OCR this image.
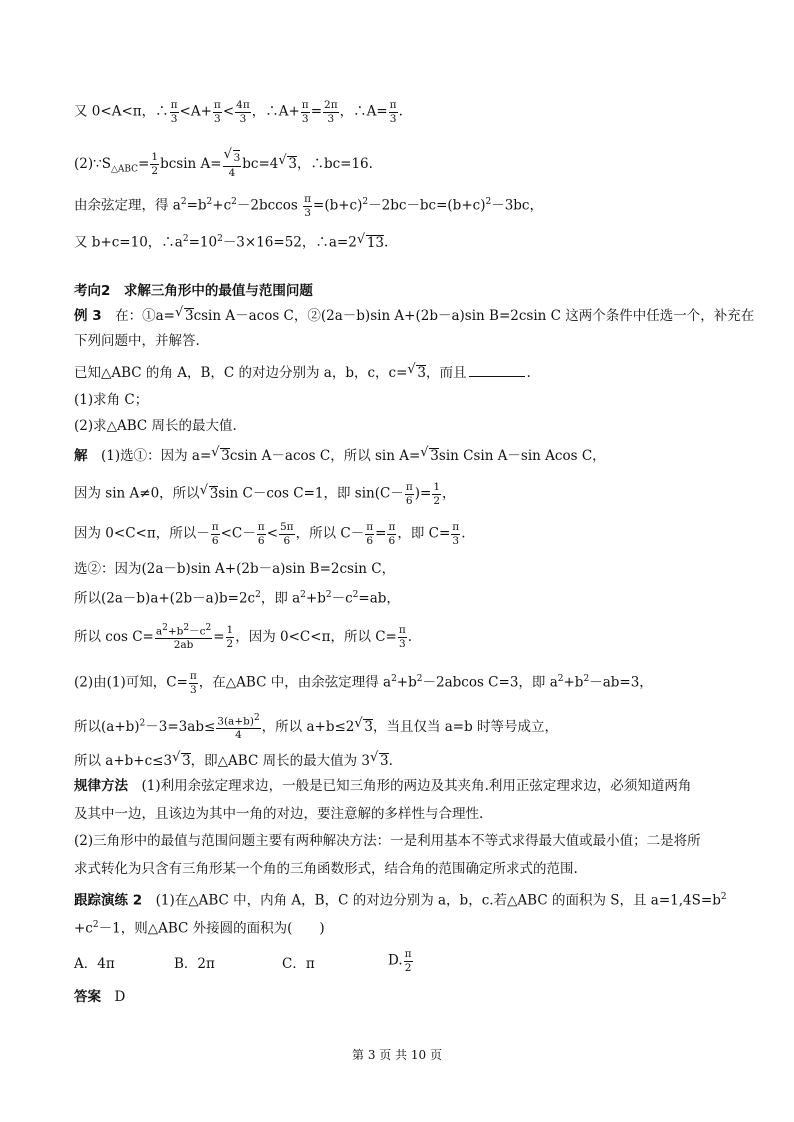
又 0<A<π，∴ $\frac{\pi}{3} <A+ \frac{\pi}{3} < \frac{4\pi}{3}$ ，∴A+ $\frac{\pi}{3} = \frac{2\pi}{3}$ ，∴A= $\frac{\pi}{3}$ .
$(2)\because S_{\triangle ABC}= \frac{1}{2}$ bcsin A=
√ $\frac{3}{4} bc=4√$ 3，∴bc=16.
由余弦定理，得 $a^2=b^2+c^2-2bccos \frac{\pi}{3} =(b+c)^2-2bc-bc=(b+c)^2-3bc$，
又 b+c=10，$\therefore a^2=10^2-3\times 16=52$，∴a=2√ 13.
考向2　求解三角形中的最值与范围问题
例 3　在：①a=√ 3csin A－acos C，②(2a－b)sin A+(2b－a)sin B=2csin C 这两个条件中任选一个，补充在
下列问题中，并解答.
已知△ABC 的角 A，B，C 的对边分别为 a，b，c，c=√ 3，而且	.
(1)求角 C；
(2)求△ABC 周长的最大值.
解　(1)选①：因为 a=√ 3csin A－acos C，所以 sin A=√ 3sin Csin A－sin Acos C，
因为 sin A≠0，所以√ 3sin C－cos C=1，即 $\sin(C- \frac{\pi}{6}$ )= $\frac{1}{2}$ ，
因为 0<C<π，所以－ $\frac{\pi}{6} <C- \frac{\pi}{6} < \frac{5\pi}{6}$ ，所以 $C- \frac{\pi}{6} = \frac{\pi}{6}$ ，即 $C= \frac{\pi}{3}$ .
选②：因为(2a－b)sin A+(2b－a)sin B=2csin C，
所以$(2a-b)a+(2b-a)b=2c^2$，即 $a^2+b^2-c^2=ab$，
所以 $\cos C= \frac{a2+b2-c2}{2ab} = \frac{1}{2}$ ，因为 0<C<π，所以 $C= \frac{\pi}{3}$ .
(2)由(1)可知，$C= \frac{\pi}{3}$ ，在△ABC 中，由余弦定理得 $a^2+b^2-2abcos$ C=3，即 $a^2+b^2-ab=3$，
所以$(a+b)^2-3=3ab\le \frac{3(a+b)2}{4}$ ，所以 a+b≤2√ 3，当且仅当 a=b 时等号成立，
所以 a+b+c≤3√ 3，即△ABC 周长的最大值为 3√ 3.
规律方法　(1)利用余弦定理求边，一般是已知三角形的两边及其夹角.利用正弦定理求边，必须知道两角
及其中一边，且该边为其中一角的对边，要注意解的多样性与合理性.
(2)三角形中的最值与范围问题主要有两种解决方法：一是利用基本不等式求得最大值或最小值；二是将所
求式转化为只含有三角形某一个角的三角函数形式，结合角的范围确定所求式的范围.
跟踪演练 2　(1)在△ABC 中，内角 A，B，C 的对边分别为 a，b，c.若△ABC 的面积为 S，且 $a=1,4S=b^2$
$+c^2-1$，则△ABC 外接圆的面积为(　　)
A．4π	B．2π	C．π	D. $\frac{\pi}{2}$
答案　D
第 3 页 共 10 页
